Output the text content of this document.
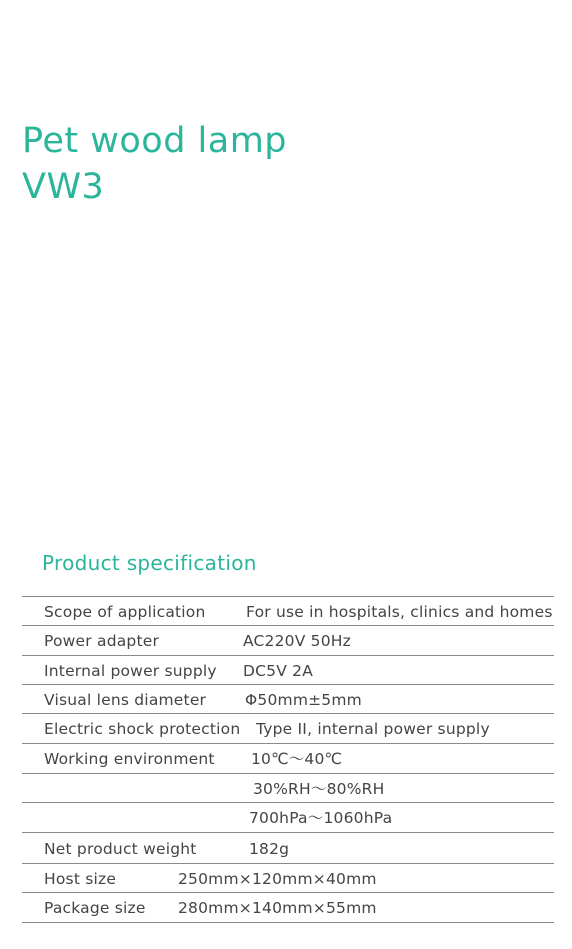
Pet wood lamp
VW3
Product specification
Scope of application	For use in hospitals, clinics and homes
Power adapter	AC220V 50Hz
Internal power supply DC5V 2A
Visual lens diameter	Φ50mm±5mm
Electric shock protection Type II, internal power supply
Working environment 10℃～40℃
30%RH～80%RH
700hPa～1060hPa
Net product weight	182g
Host size	250mm×120mm×40mm
Package size 280mm×140mm×55mm
